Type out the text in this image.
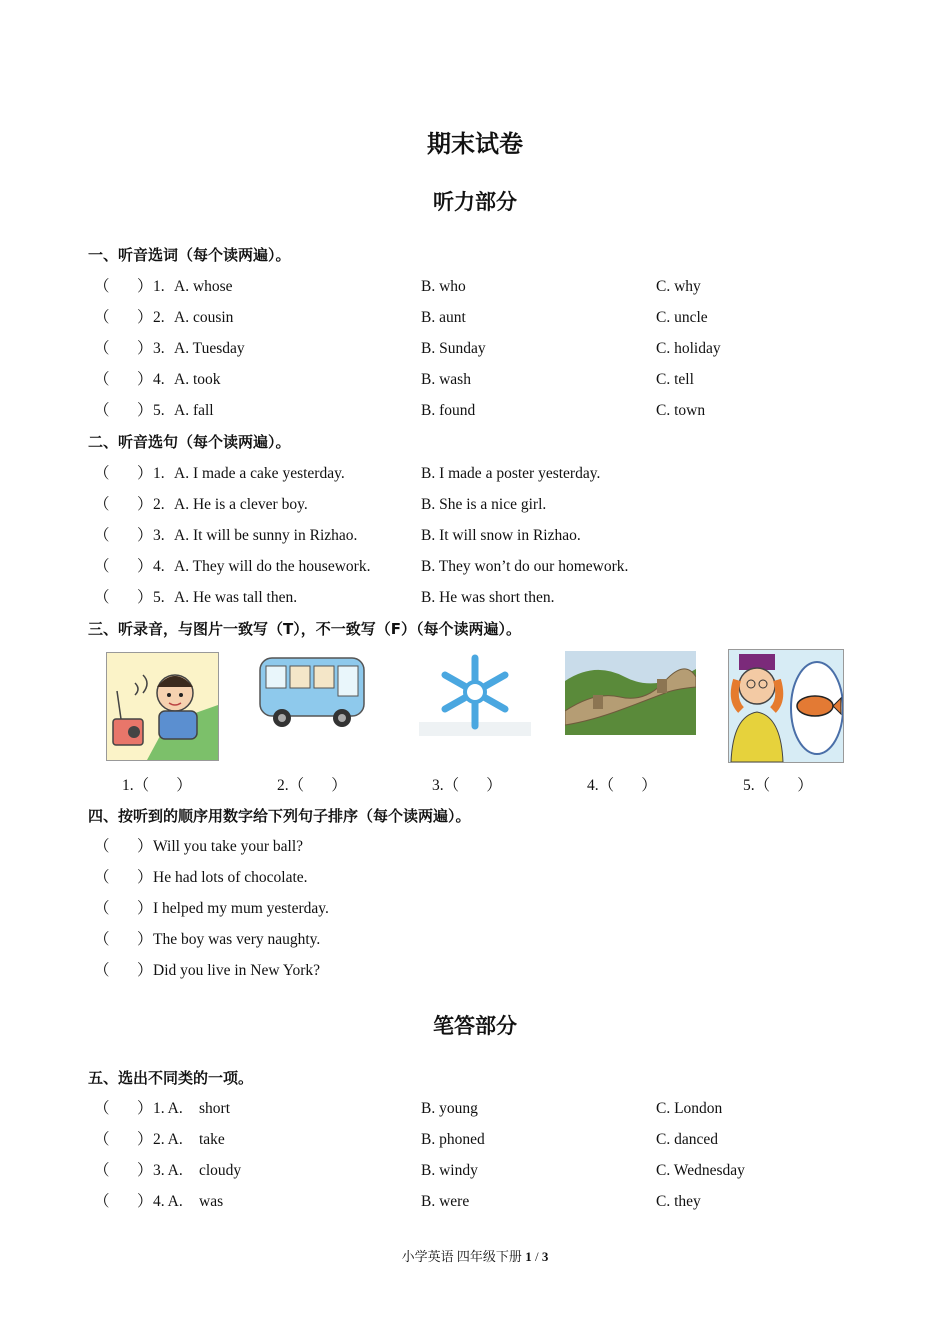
期末试卷
听力部分
一、听音选词（每个读两遍）。
（ ） 1. A. whose	B. who	C. why
（ ） 2. A. cousin	B. aunt	C. uncle
（ ） 3. A. Tuesday	B. Sunday	C. holiday
（ ） 4. A. took	B. wash	C. tell
（ ） 5. A. fall	B. found	C. town
二、听音选句（每个读两遍）。
（ ） 1. A. I made a cake yesterday.	B. I made a poster yesterday.
（ ） 2. A. He is a clever boy.	B. She is a nice girl.
（ ） 3. A. It will be sunny in Rizhao.	B. It will snow in Rizhao.
（ ） 4. A. They will do the housework.	B. They won’t do our homework.
（ ） 5. A. He was tall then.	B. He was short then.
三、听录音，与图片一致写（T），不一致写（F）（每个读两遍）。
1.（       ）	2.（       ）	3.（       ）	4.（       ）	5.（       ）
四、按听到的顺序用数字给下列句子排序（每个读两遍）。
（ ） Will you take your ball?
（ ） He had lots of chocolate.
（ ） I helped my mum yesterday.
（ ） The boy was very naughty.
（ ） Did you live in New York?
笔答部分
五、选出不同类的一项。
（ ） 1. A. short	B. young	C. London
（ ） 2. A. take	B. phoned	C. danced
（ ） 3. A. cloudy	B. windy	C. Wednesday
（ ） 4. A. was	B. were	C. they
小学英语 四年级下册 1 / 3
